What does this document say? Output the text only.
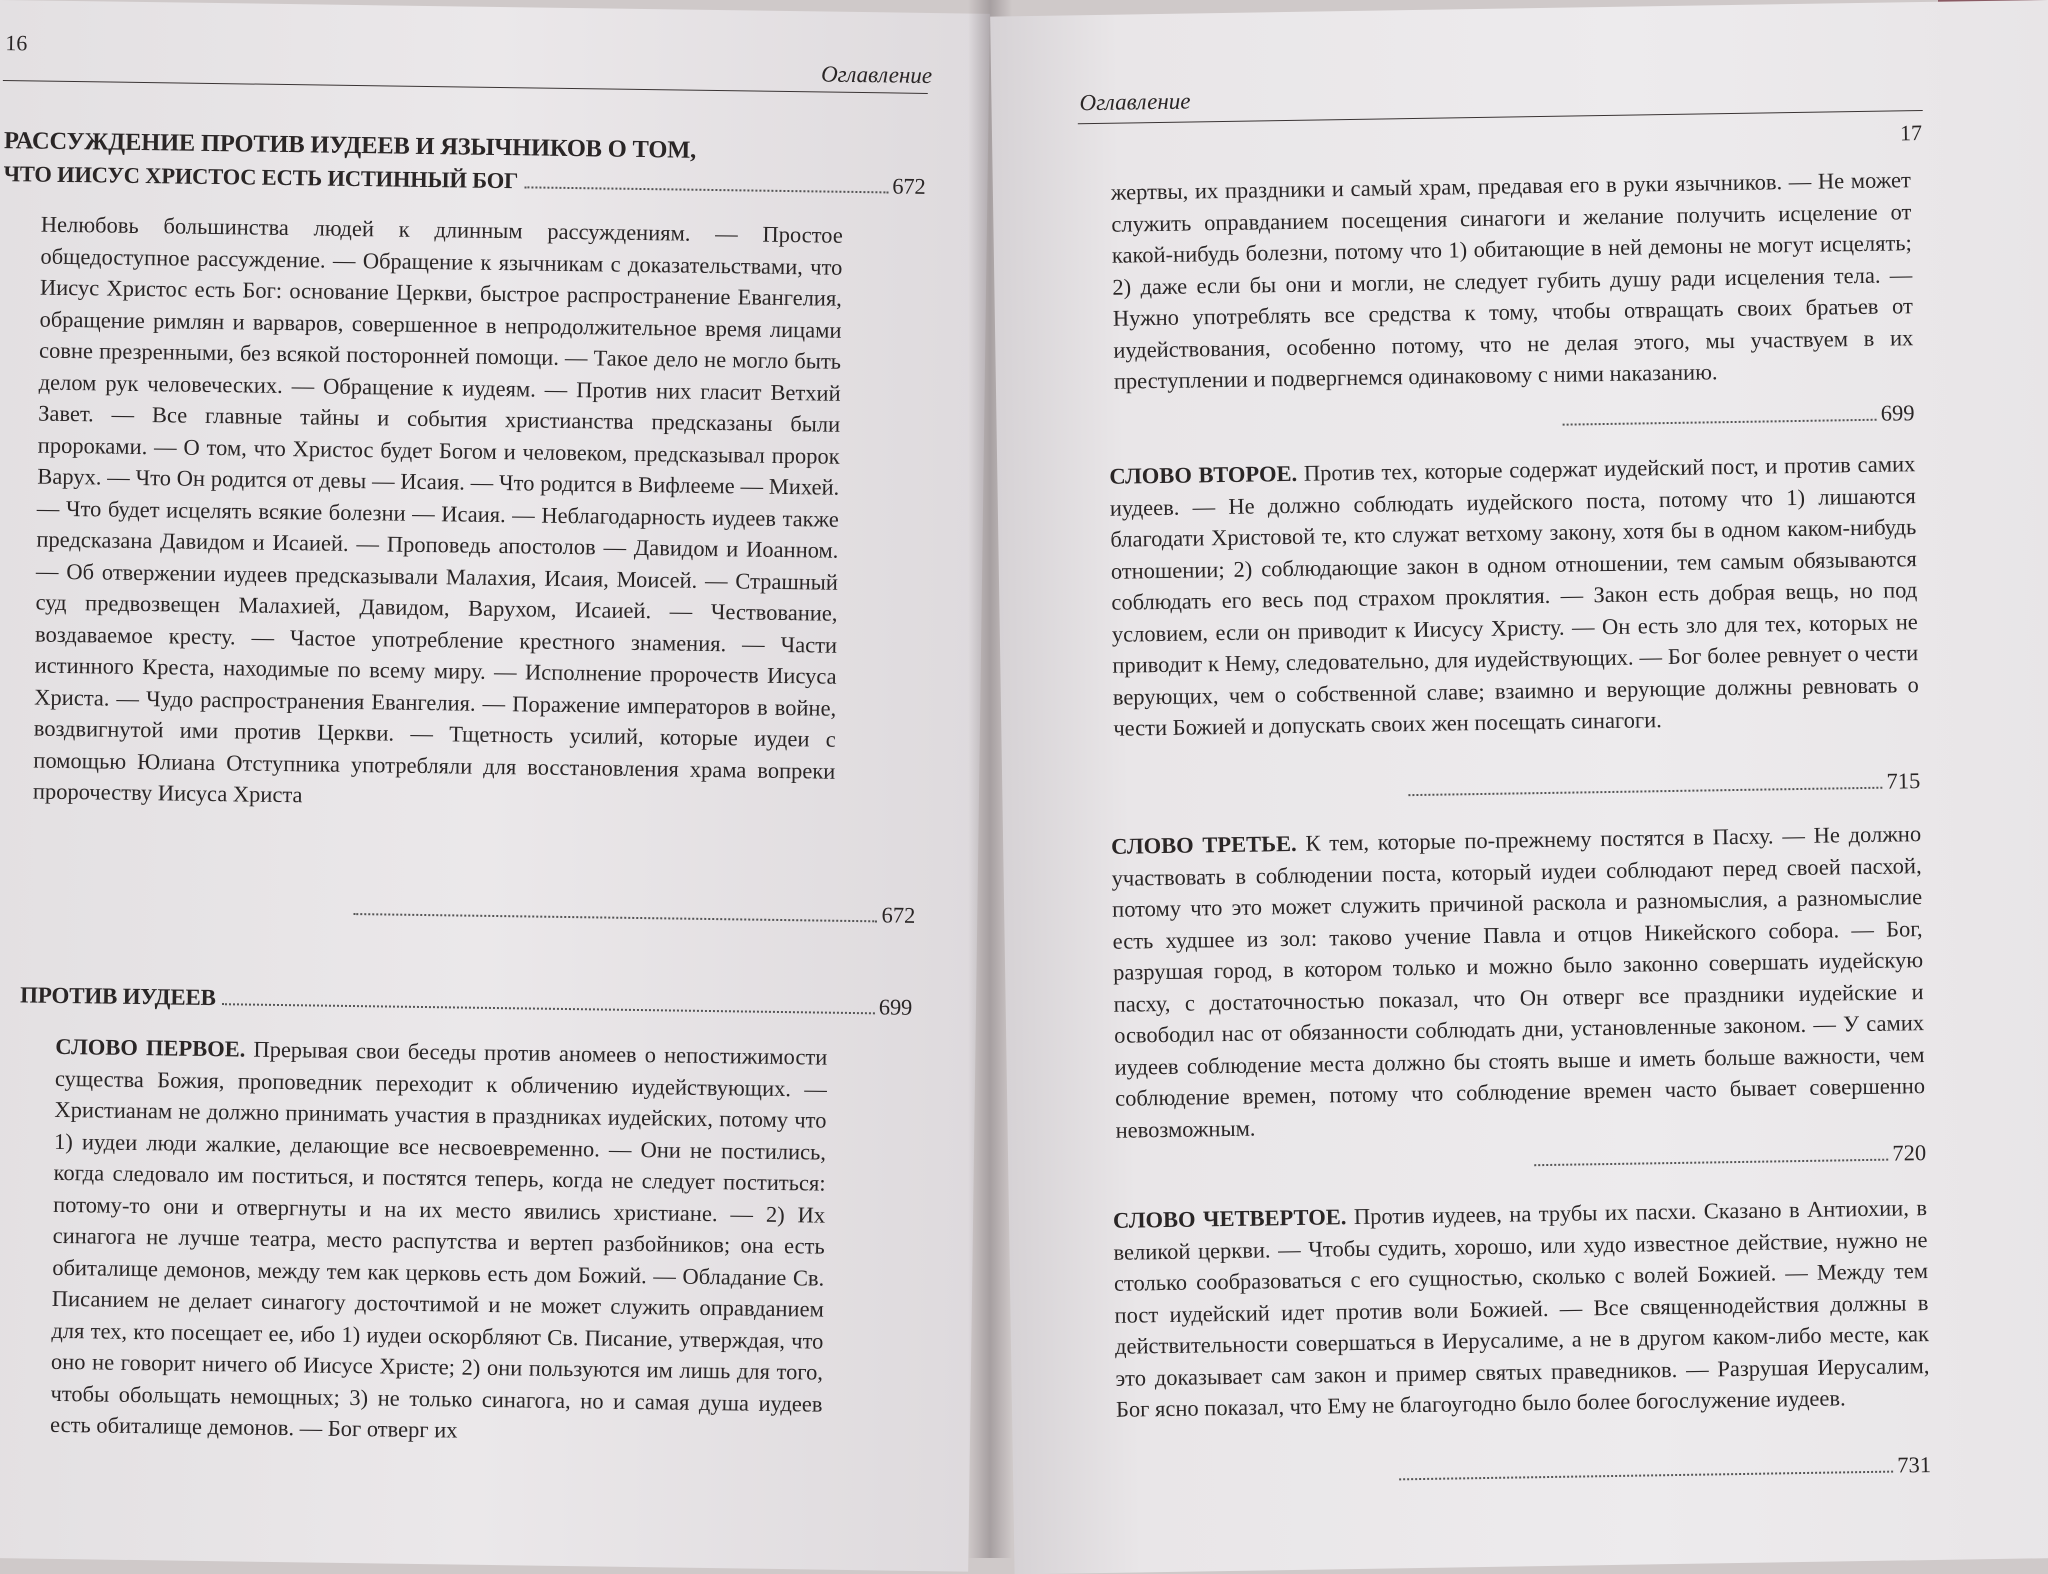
16
Оглавление
РАССУЖДЕНИЕ ПРОТИВ ИУДЕЕВ И ЯЗЫЧНИКОВ О ТОМ,
ЧТО ИИСУС ХРИСТОС ЕСТЬ ИСТИННЫЙ БОГ	672
Нелюбовь большинства людей к длинным рассуждениям. — Простое общедоступное рассуждение. — Обращение к язычникам с доказательствами, что Иисус Христос есть Бог: основание Церкви, быстрое распространение Евангелия, обращение римлян и варваров, совершенное в непродолжительное время лицами совне презренными, без всякой посторонней помощи. — Такое дело не могло быть делом рук человеческих. — Обращение к иудеям. — Против них гласит Ветхий Завет. — Все главные тайны и события христианства предсказаны были пророками. — О том, что Христос будет Богом и человеком, предсказывал пророк Варух. — Что Он родится от девы — Исаия. — Что родится в Вифлееме — Михей. — Что будет исцелять всякие болезни — Исаия. — Неблагодарность иудеев также предсказана Давидом и Исаией. — Проповедь апостолов — Давидом и Иоанном. — Об отвержении иудеев предсказывали Малахия, Исаия, Моисей. — Страшный суд предвозвещен Малахией, Давидом, Варухом, Исаией. — Чествование, воздаваемое кресту. — Частое употребление крестного знамения. — Части истинного Креста, находимые по всему миру. — Исполнение пророчеств Иисуса Христа. — Чудо распространения Евангелия. — Поражение императоров в войне, воздвигнутой ими против Церкви. — Тщетность усилий, которые иудеи с помощью Юлиана Отступника употребляли для восстановления храма вопреки пророчеству Иисуса Христа
672
ПРОТИВ ИУДЕЕВ	699
СЛОВО ПЕРВОЕ. Прерывая свои беседы против аномеев о непостижимости существа Божия, проповедник переходит к обличению иудействующих. — Христианам не должно принимать участия в праздниках иудейских, потому что 1) иудеи люди жалкие, делающие все несвоевременно. — Они не постились, когда следовало им поститься, и постятся теперь, когда не следует поститься: потому-то они и отвергнуты и на их место явились христиане. — 2) Их синагога не лучше театра, место распутства и вертеп разбойников; она есть обиталище демонов, между тем как церковь есть дом Божий. — Обладание Св. Писанием не делает синагогу досточтимой и не может служить оправданием для тех, кто посещает ее, ибо 1) иудеи оскорбляют Св. Писание, утверждая, что оно не говорит ничего об Иисусе Христе; 2) они пользуются им лишь для того, чтобы обольщать немощных; 3) не только синагога, но и самая душа иудеев есть обиталище демонов. — Бог отверг их
Оглавление
17
жертвы, их праздники и самый храм, предавая его в руки язычников. — Не может служить оправданием посещения синагоги и желание получить исцеление от какой-нибудь болезни, потому что 1) обитающие в ней демоны не могут исцелять; 2) даже если бы они и могли, не следует губить душу ради исцеления тела. — Нужно употреблять все средства к тому, чтобы отвращать своих братьев от иудействования, особенно потому, что не делая этого, мы участвуем в их преступлении и подвергнемся одинаковому с ними наказанию.
699
СЛОВО ВТОРОЕ. Против тех, которые содержат иудейский пост, и против самих иудеев. — Не должно соблюдать иудейского поста, потому что 1) лишаются благодати Христовой те, кто служат ветхому закону, хотя бы в одном каком-нибудь отношении; 2) соблюдающие закон в одном отношении, тем самым обязываются соблюдать его весь под страхом проклятия. — Закон есть добрая вещь, но под условием, если он приводит к Иисусу Христу. — Он есть зло для тех, которых не приводит к Нему, следовательно, для иудействующих. — Бог более ревнует о чести верующих, чем о собственной славе; взаимно и верующие должны ревновать о чести Божией и допускать своих жен посещать синагоги.
715
СЛОВО ТРЕТЬЕ. К тем, которые по-прежнему постятся в Пасху. — Не должно участвовать в соблюдении поста, который иудеи соблюдают перед своей пасхой, потому что это может служить причиной раскола и разномыслия, а разномыслие есть худшее из зол: таково учение Павла и отцов Никейского собора. — Бог, разрушая город, в котором только и можно было законно совершать иудейскую пасху, с достаточностью показал, что Он отверг все праздники иудейские и освободил нас от обязанности соблюдать дни, установленные законом. — У самих иудеев соблюдение места должно бы стоять выше и иметь больше важности, чем соблюдение времен, потому что соблюдение времен часто бывает совершенно невозможным.
720
СЛОВО ЧЕТВЕРТОЕ. Против иудеев, на трубы их пасхи. Сказано в Антиохии, в великой церкви. — Чтобы судить, хорошо, или худо известное действие, нужно не столько сообразоваться с его сущностью, сколько с волей Божией. — Между тем пост иудейский идет против воли Божией. — Все священнодействия должны в действительности совершаться в Иерусалиме, а не в другом каком-либо месте, как это доказывает сам закон и пример святых праведников. — Разрушая Иерусалим, Бог ясно показал, что Ему не благоугодно было более богослужение иудеев.
731
